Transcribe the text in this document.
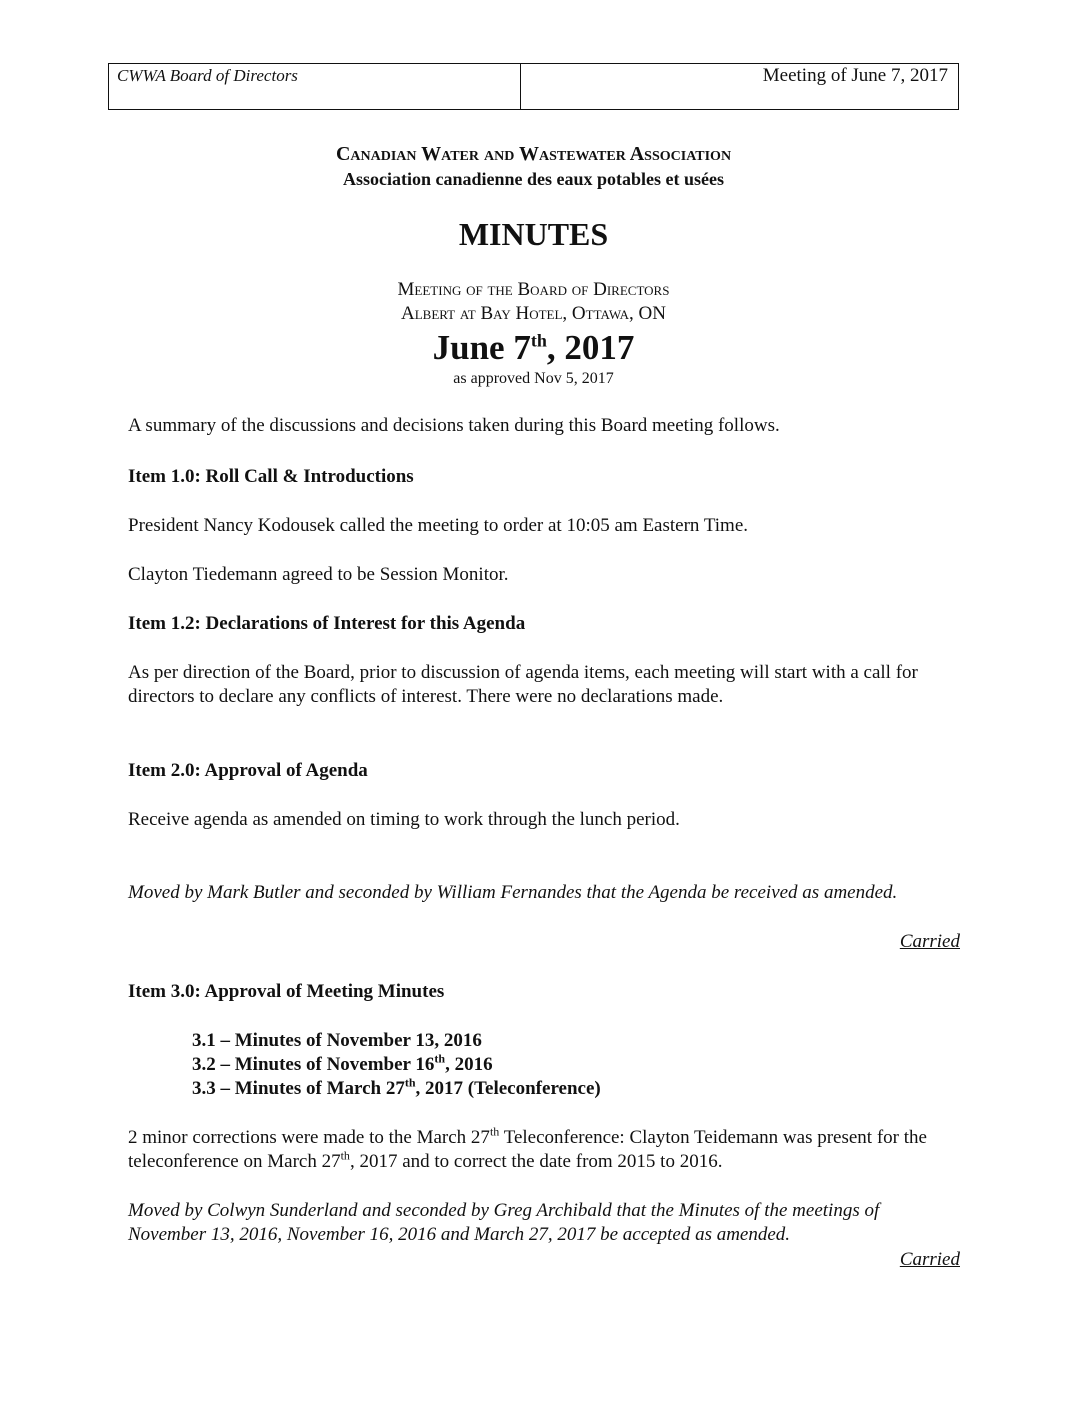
CWWA Board of Directors	Meeting of June 7, 2017
Canadian Water and Wastewater Association
Association canadienne des eaux potables et usées
MINUTES
Meeting of the Board of Directors
Albert at Bay Hotel, Ottawa, ON
June 7th, 2017
as approved Nov 5, 2017
A summary of the discussions and decisions taken during this Board meeting follows.
Item 1.0: Roll Call & Introductions
President Nancy Kodousek called the meeting to order at 10:05 am Eastern Time.
Clayton Tiedemann agreed to be Session Monitor.
Item 1.2: Declarations of Interest for this Agenda
As per direction of the Board, prior to discussion of agenda items, each meeting will start with a call for directors to declare any conflicts of interest. There were no declarations made.
Item 2.0: Approval of Agenda
Receive agenda as amended on timing to work through the lunch period.
Moved by Mark Butler and seconded by William Fernandes that the Agenda be received as amended.
Carried
Item 3.0: Approval of Meeting Minutes
3.1 – Minutes of November 13, 2016
3.2 – Minutes of November 16th, 2016
3.3 – Minutes of March 27th, 2017 (Teleconference)
2 minor corrections were made to the March 27th Teleconference: Clayton Teidemann was present for the teleconference on March 27th, 2017 and to correct the date from 2015 to 2016.
Moved by Colwyn Sunderland and seconded by Greg Archibald that the Minutes of the meetings of November 13, 2016, November 16, 2016 and March 27, 2017 be accepted as amended.
Carried
